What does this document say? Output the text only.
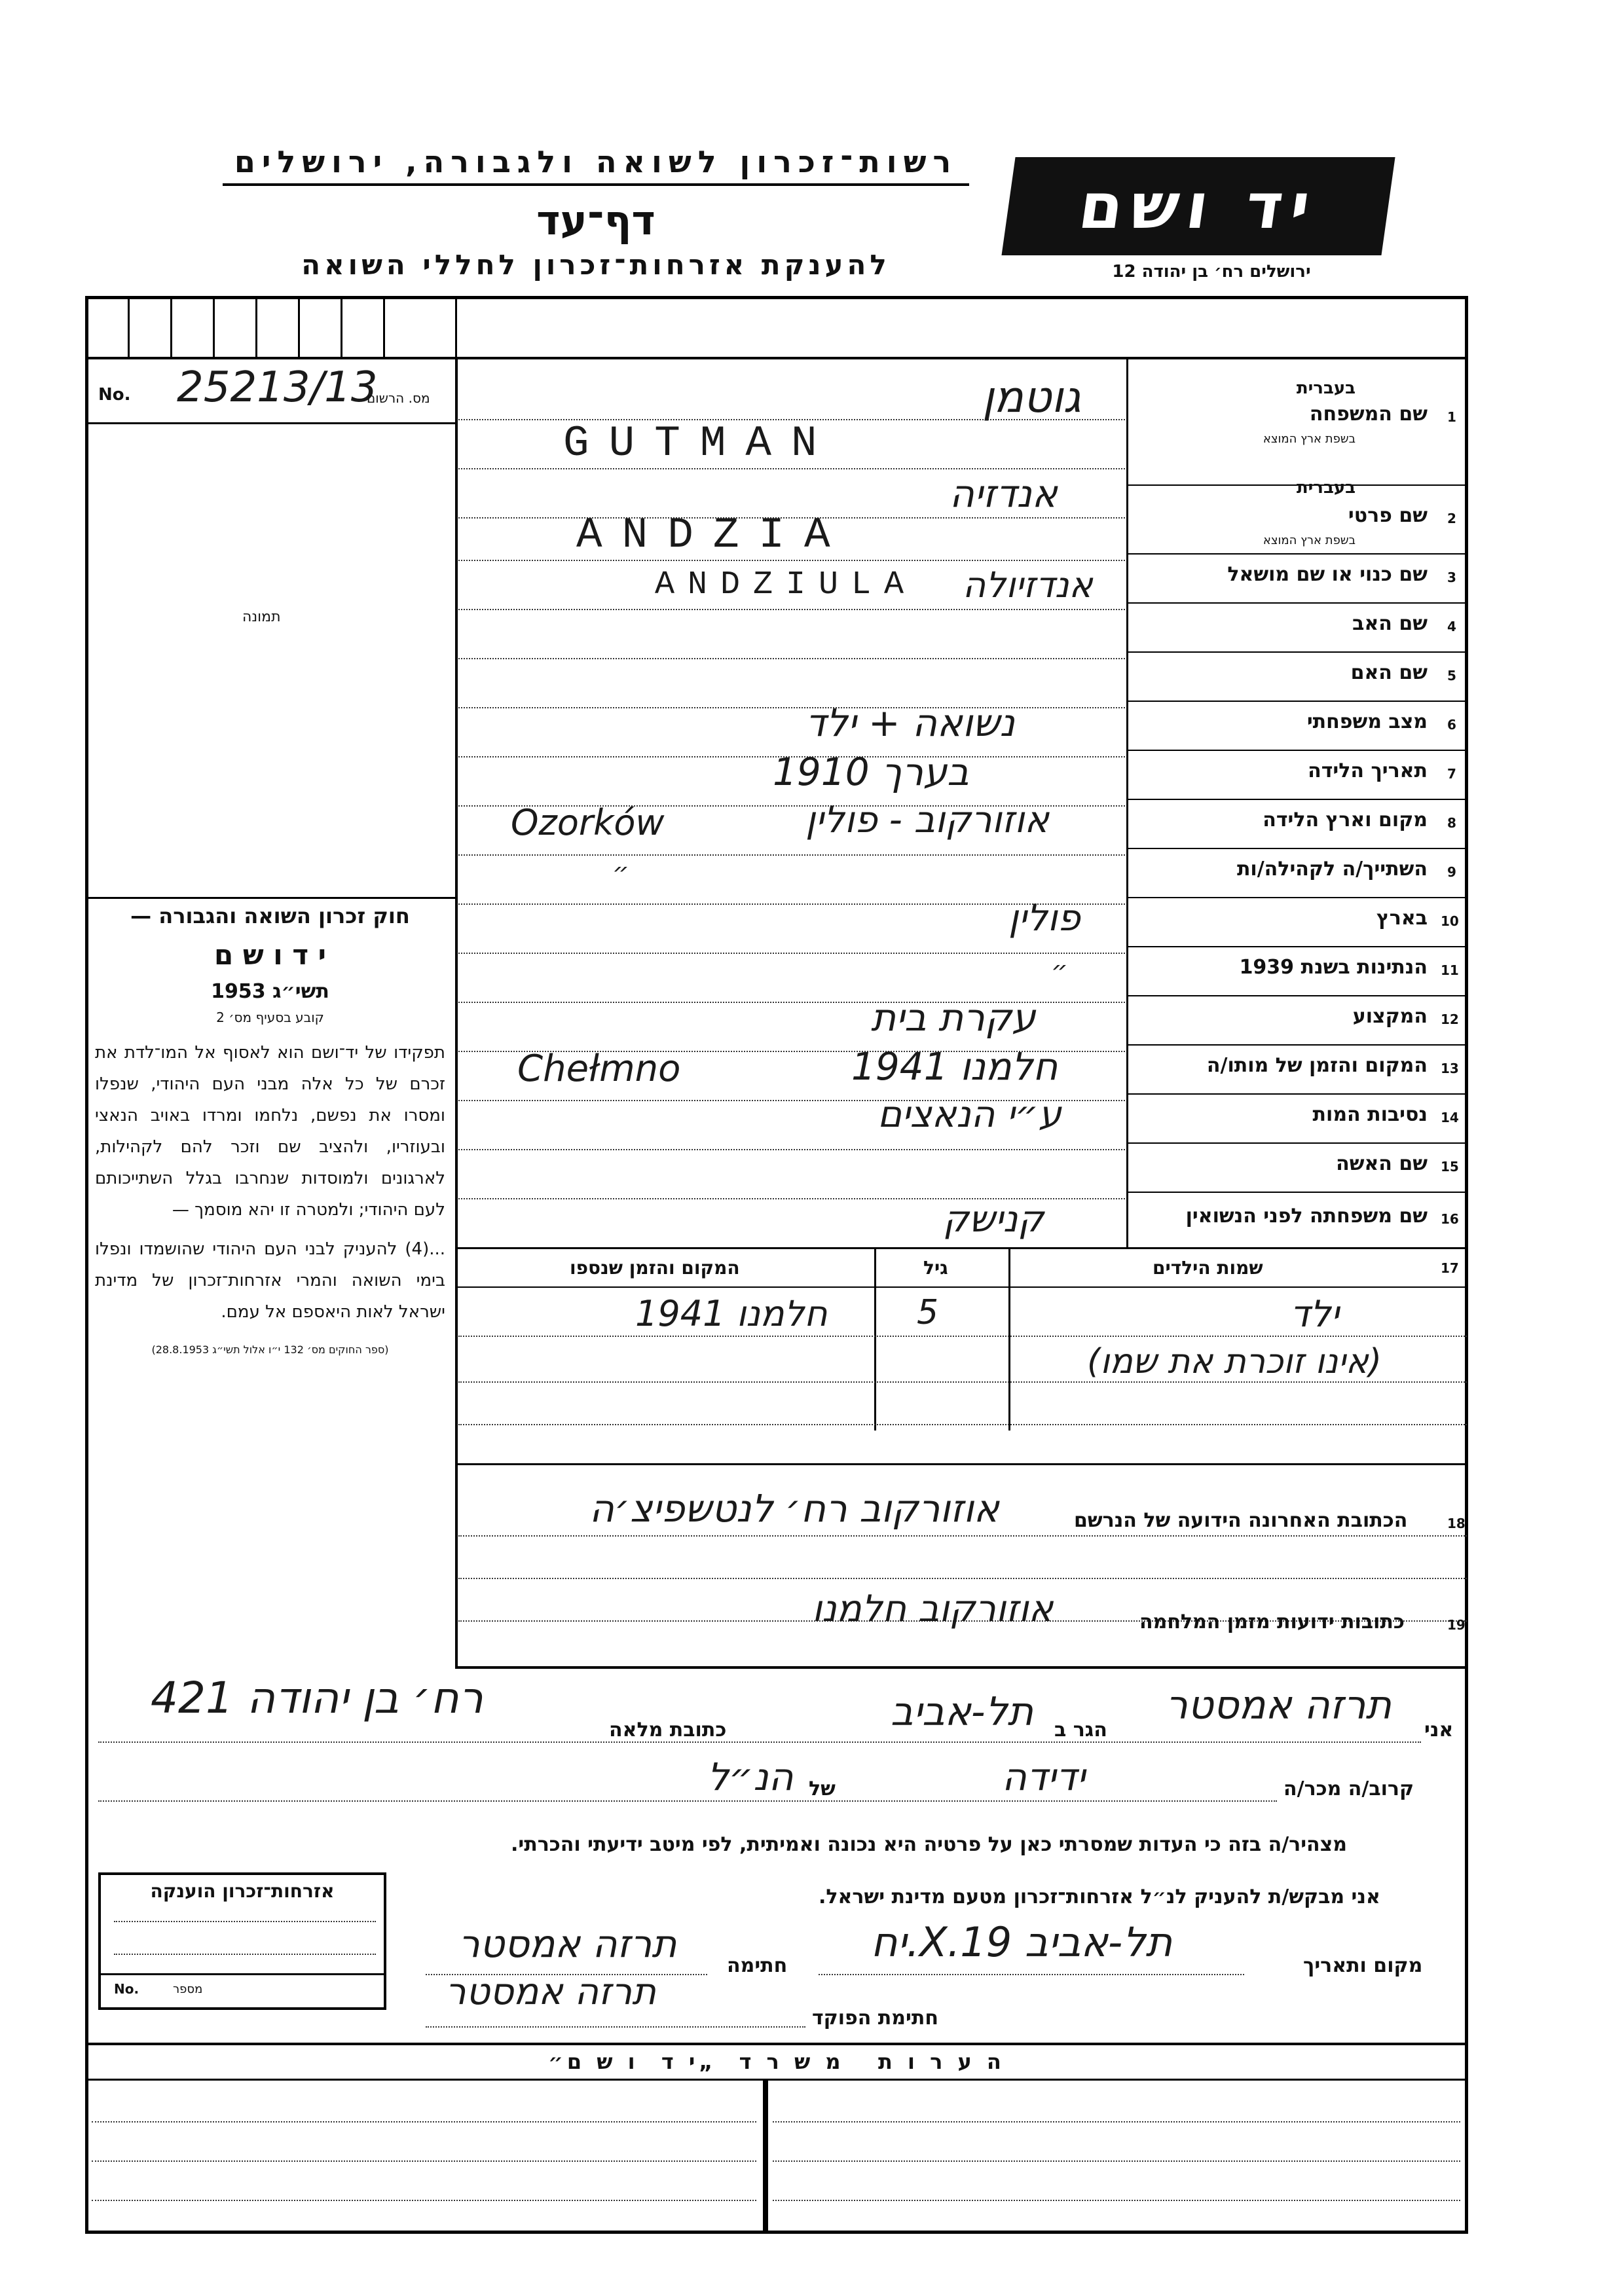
רשות־זכרון לשואה ולגבורה, ירושלים
דף־עד
להענקת אזרחות־זכרון לחללי השואה
יד ושם
ירושלים רח׳ בן יהודה 12
No. 25213/13
מס. הרשום
תמונה
חוק זכרון השואה והגבורה —
י ד ו ש ם
תשי״ג 1953
קובע בסעיף מס׳ 2
תפקידו של יד־ושם הוא לאסוף אל המו־לדת את זכרם של כל אלה מבני העם היהודי, שנפלו ומסרו את נפשם, נלחמו ומרדו באויב הנאצי ובעוזריו, ולהציב שם וזכר להם לקהילות, לארגונים ולמוסדות שנחרבו בגלל השתייכותם לעם היהודי; ולמטרה זו יהא מוסמך —
...(4) להעניק לבני העם היהודי שהושמדו ונפלו בימי השואה והמרי אזרחות־זכרון של מדינת ישראל לאות היאספם אל עמם.
(ספר החוקים מס׳ 132 י״ו אלול תשי״ג 28.8.1953)
1
שם המשפחה
בעברית
בשפת ארץ המוצא
גוטמן
GUTMAN
2
שם פרטי
בעברית
בשפת ארץ המוצא
אנדזיה
ANDZIA
3
שם כנוי או שם מושאל
אנדזיולה
ANDZIULA
4
שם האב
5
שם האם
6
מצב משפחתי
נשואה + ילד
7
תאריך הלידה
בערך 1910
8
מקום וארץ הלידה
אוזורקוב - פולין
Ozorków
9
השתייך/ה לקהילה/ות
״
10
בארץ
פולין
11
הנתינות בשנת 1939
״
12
המקצוע
עקרת בית
13
המקום והזמן של מותו/ה
חלמנו 1941
Chełmno
14
נסיבות המות
ע״י הנאצים
15
שם האשה
16
שם משפחתה לפני הנשואין
קנישק
17
שמות הילדים
גיל
המקום והזמן שנספו
ילד
5
חלמנו 1941
(אינו זוכרת את שמו)
18
הכתובת האחרונה הידועה של הנרשם
אוזורקוב רח׳ לנטשפיצ׳ה
19
כתובות ידועות מזמן המלחמה
אוזורקוב חלמנו
אני
תרזה אמסטר
הגר ב
תל-אביב
כתובת מלאה
רח׳ בן יהודה 421
קרוב/ה מכר/ה
ידידה
של
הנ״ל
מצהיר/ה בזה כי העדות שמסרתי כאן על פרטיה היא נכונה ואמיתית, לפי מיטב ידיעתי והכרתי.
אני מבקש/ת להעניק לנ״ל אזרחות־זכרון מטעם מדינת ישראל.
מקום ותאריך
תל-אביב 19.X.יח
חתימה
תרזה אמסטר
חתימת הפוקד
תרזה אמסטר
אזרחות־זכרון הוענקה
No.	מספר
ה ע ר ו ת   מ ש ר ד  „י ד  ו ש ם״
